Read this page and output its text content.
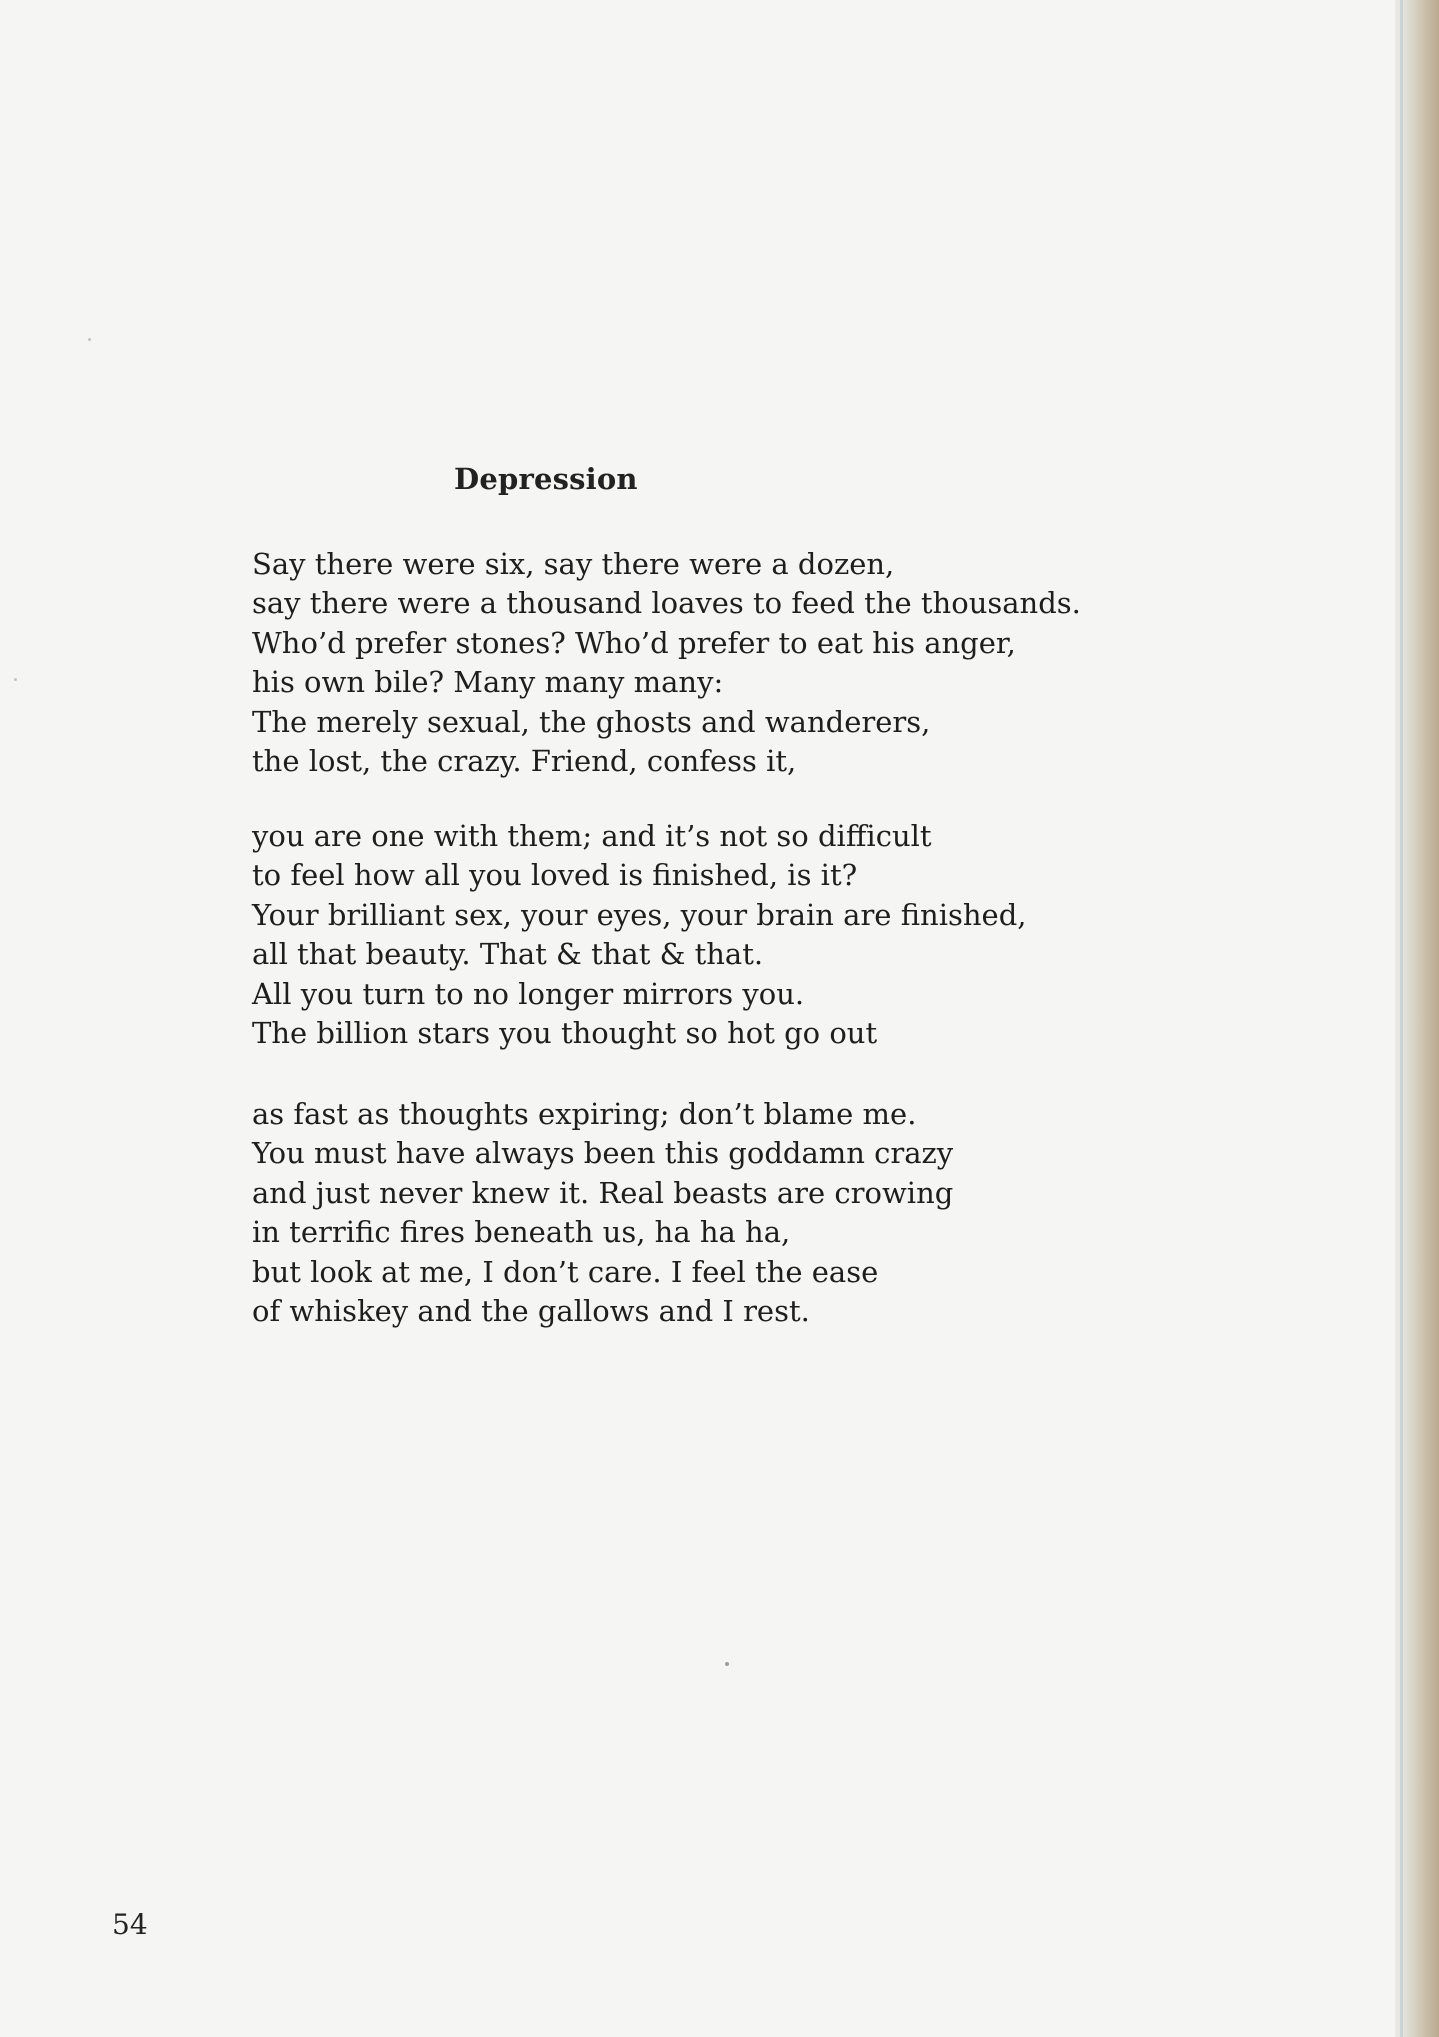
Depression
Say there were six, say there were a dozen,
say there were a thousand loaves to feed the thousands.
Who’d prefer stones? Who’d prefer to eat his anger,
his own bile? Many many many:
The merely sexual, the ghosts and wanderers,
the lost, the crazy. Friend, confess it,
you are one with them; and it’s not so difficult
to feel how all you loved is finished, is it?
Your brilliant sex, your eyes, your brain are finished,
all that beauty. That & that & that.
All you turn to no longer mirrors you.
The billion stars you thought so hot go out
as fast as thoughts expiring; don’t blame me.
You must have always been this goddamn crazy
and just never knew it. Real beasts are crowing
in terrific fires beneath us, ha ha ha,
but look at me, I don’t care. I feel the ease
of whiskey and the gallows and I rest.
54
